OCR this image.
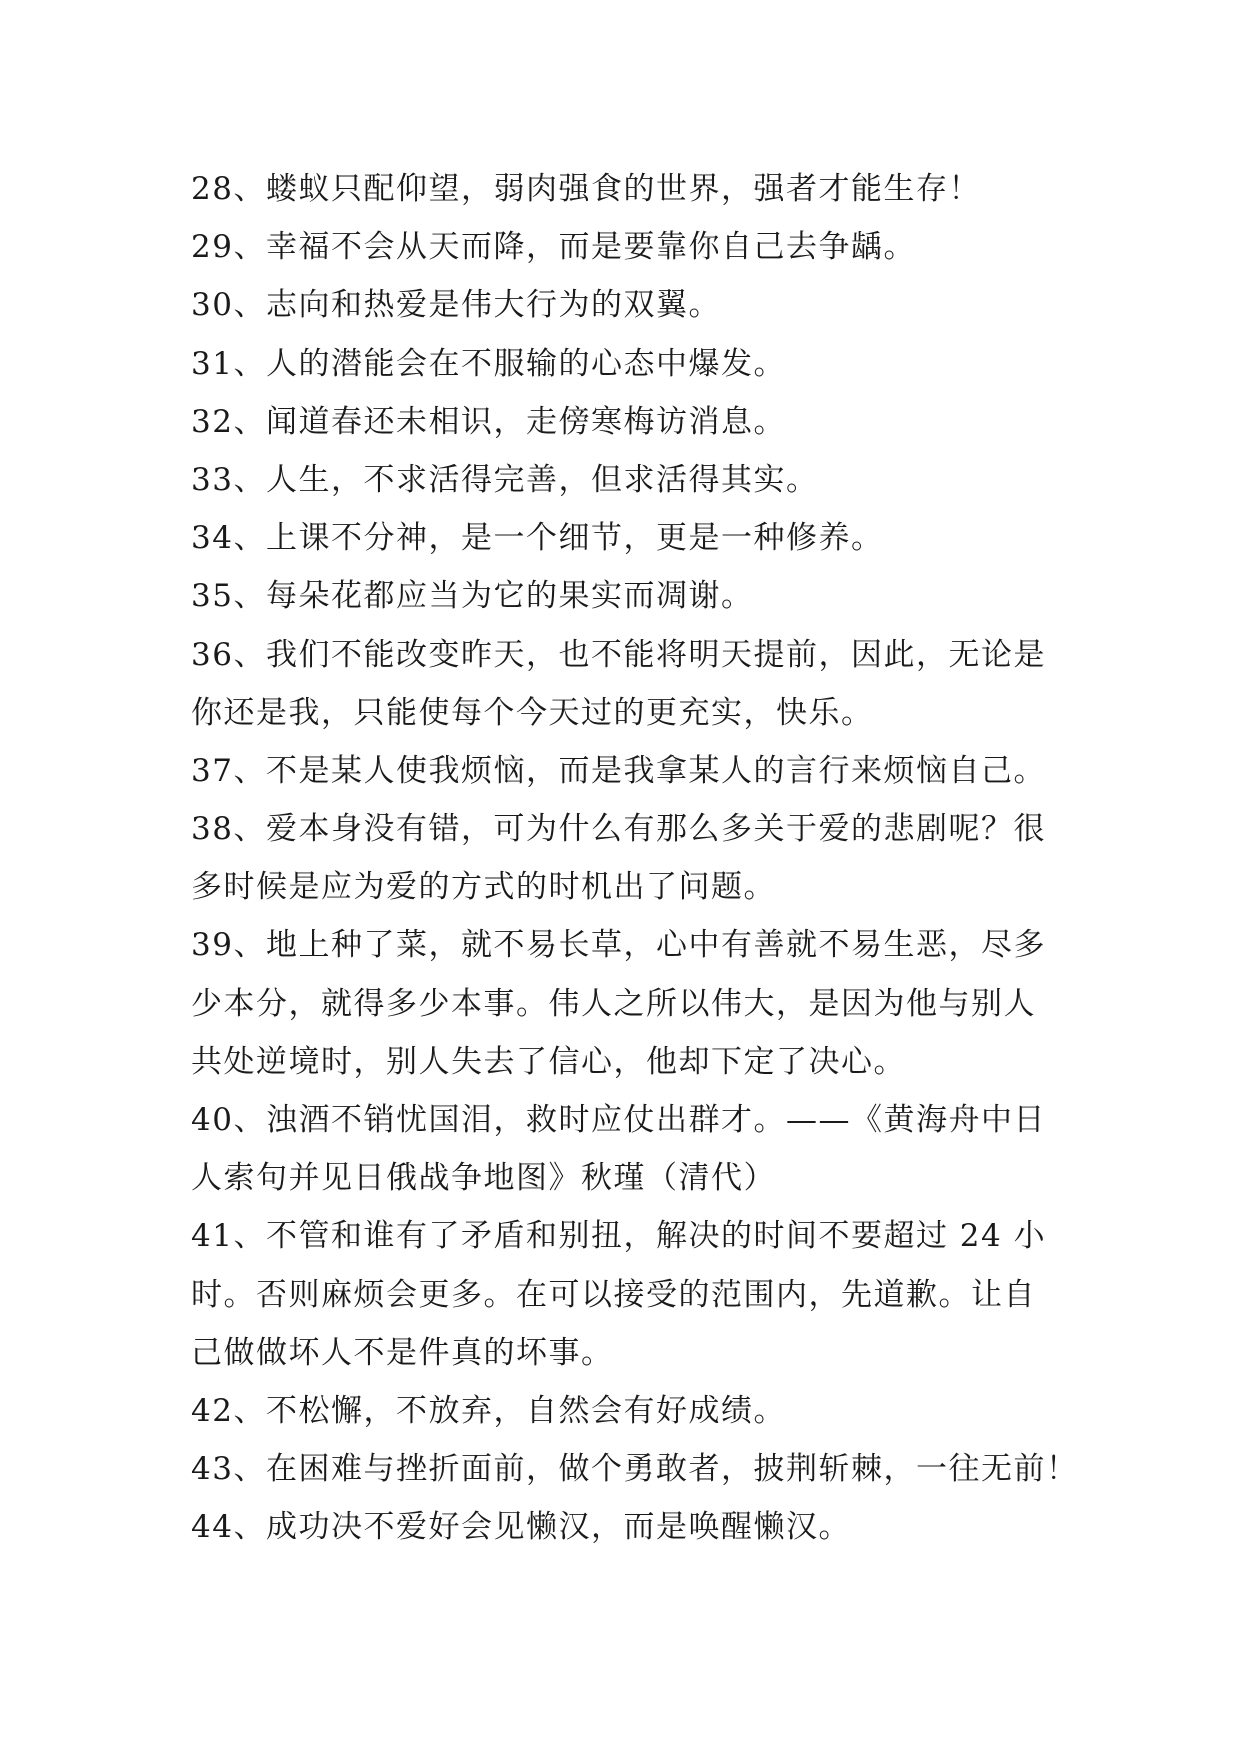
28、蝼蚁只配仰望，弱肉强食的世界，强者才能生存！
29、幸福不会从天而降，而是要靠你自己去争龋。
30、志向和热爱是伟大行为的双翼。
31、人的潜能会在不服输的心态中爆发。
32、闻道春还未相识，走傍寒梅访消息。
33、人生，不求活得完善，但求活得其实。
34、上课不分神，是一个细节，更是一种修养。
35、每朵花都应当为它的果实而凋谢。
36、我们不能改变昨天，也不能将明天提前，因此，无论是
你还是我，只能使每个今天过的更充实，快乐。
37、不是某人使我烦恼，而是我拿某人的言行来烦恼自己。
38、爱本身没有错，可为什么有那么多关于爱的悲剧呢？很
多时候是应为爱的方式的时机出了问题。
39、地上种了菜，就不易长草，心中有善就不易生恶，尽多
少本分，就得多少本事。伟人之所以伟大，是因为他与别人
共处逆境时，别人失去了信心，他却下定了决心。
40、浊酒不销忧国泪，救时应仗出群才。——《黄海舟中日
人索句并见日俄战争地图》秋瑾（清代）
41、不管和谁有了矛盾和别扭，解决的时间不要超过 24 小
时。否则麻烦会更多。在可以接受的范围内，先道歉。让自
己做做坏人不是件真的坏事。
42、不松懈，不放弃，自然会有好成绩。
43、在困难与挫折面前，做个勇敢者，披荆斩棘，一往无前！
44、成功决不爱好会见懒汉，而是唤醒懒汉。
